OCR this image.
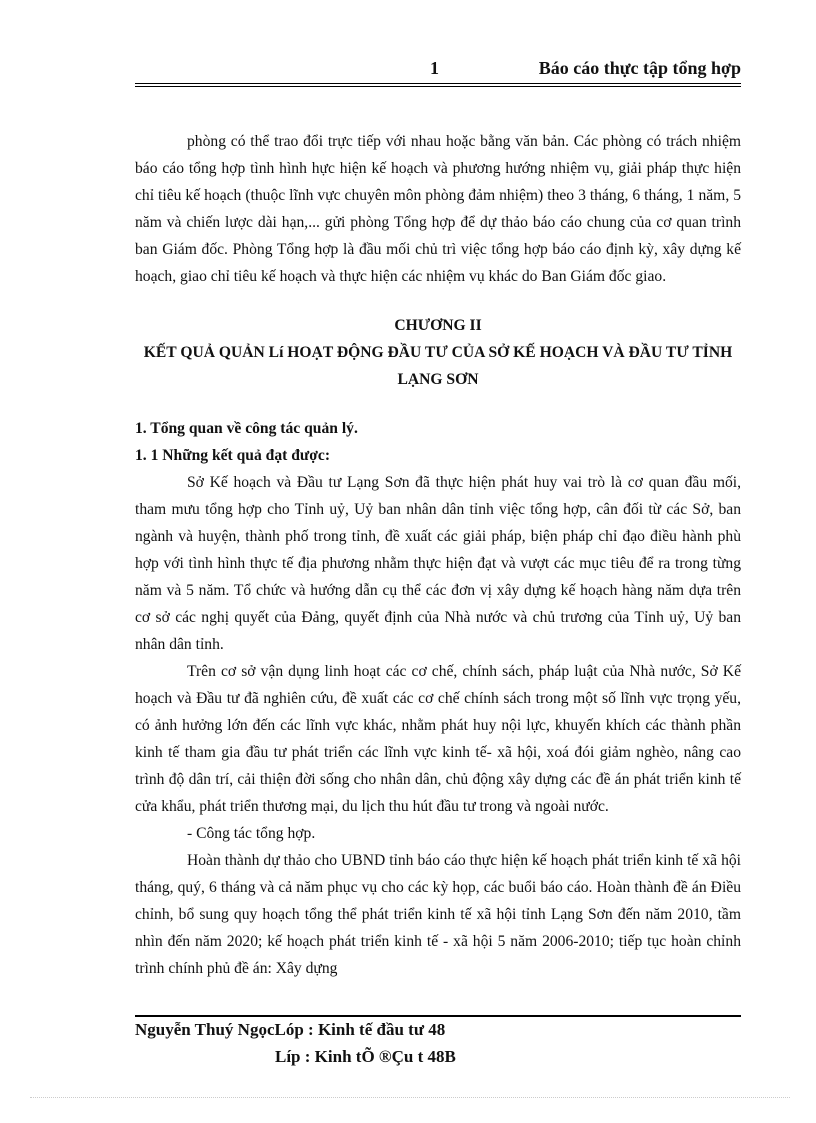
1	Báo cáo thực tập tổng hợp

phòng có thể trao đổi trực tiếp với nhau hoặc bằng văn bản. Các phòng có trách nhiệm báo cáo tổng hợp tình hình hực hiện kế hoạch và phương hướng nhiệm vụ, giải pháp thực hiện chỉ tiêu kế hoạch (thuộc lĩnh vực chuyên môn phòng đảm nhiệm) theo 3 tháng, 6 tháng, 1 năm, 5 năm và chiến lược dài hạn,... gửi phòng Tổng hợp để dự thảo báo cáo chung của cơ quan trình ban Giám đốc. Phòng Tổng hợp là đầu mối chủ trì việc tổng hợp báo cáo định kỳ, xây dựng kế hoạch, giao chỉ tiêu kế hoạch và thực hiện các nhiệm vụ khác do Ban Giám đốc giao.

CHƯƠNG II

KẾT QUẢ QUẢN Lí HOẠT ĐỘNG ĐẦU TƯ CỦA SỞ KẾ HOẠCH VÀ ĐẦU TƯ TỈNH LẠNG SƠN

1. Tổng quan về công tác quản lý.

1. 1 Những kết quả đạt được:

Sở Kế hoạch và Đầu tư Lạng Sơn đã thực hiện phát huy vai trò là cơ quan đầu mối, tham mưu tổng hợp cho Tỉnh uỷ, Uỷ ban nhân dân tỉnh việc tổng hợp, cân đối từ các Sở, ban ngành và huyện, thành phố trong tỉnh, đề xuất các giải pháp, biện pháp chỉ đạo điều hành phù hợp với tình hình thực tế địa phương nhằm thực hiện đạt và vượt các mục tiêu để ra trong từng năm và 5 năm. Tổ chức và hướng dẫn cụ thể các đơn vị xây dựng kế hoạch hàng năm dựa trên cơ sở các nghị quyết của Đảng, quyết định của Nhà nước và chủ trương của Tỉnh uỷ, Uỷ ban nhân dân tỉnh.

Trên cơ sở vận dụng linh hoạt các cơ chế, chính sách, pháp luật của Nhà nước, Sở Kế hoạch và Đầu tư đã nghiên cứu, đề xuất các cơ chế chính sách trong một số lĩnh vực trọng yếu, có ảnh hưởng lớn đến các lĩnh vực khác, nhằm phát huy nội lực, khuyến khích các thành phần kinh tế tham gia đầu tư phát triển các lĩnh vực kinh tế- xã hội, xoá đói giảm nghèo, nâng cao trình độ dân trí, cải thiện đời sống cho nhân dân, chủ động xây dựng các đề án phát triển kinh tế cửa khẩu, phát triển thương mại, du lịch thu hút đầu tư trong và ngoài nước.

- Công tác tổng hợp.

Hoàn thành dự thảo cho UBND tỉnh báo cáo thực hiện kế hoạch phát triển kinh tế xã hội tháng, quý, 6 tháng và cả năm phục vụ cho các kỳ họp, các buổi báo cáo. Hoàn thành đề án Điều chỉnh, bổ sung quy hoạch tổng thể phát triển kinh tế xã hội tỉnh Lạng Sơn đến năm 2010, tầm nhìn đến năm 2020; kế hoạch phát triển kinh tế - xã hội 5 năm 2006-2010; tiếp tục hoàn chỉnh trình chính phủ đề án: Xây dựng

Nguyễn Thuý NgọcLóp : Kinh tế đầu tư 48
Líp : Kinh tÕ ®Çu t 48B
